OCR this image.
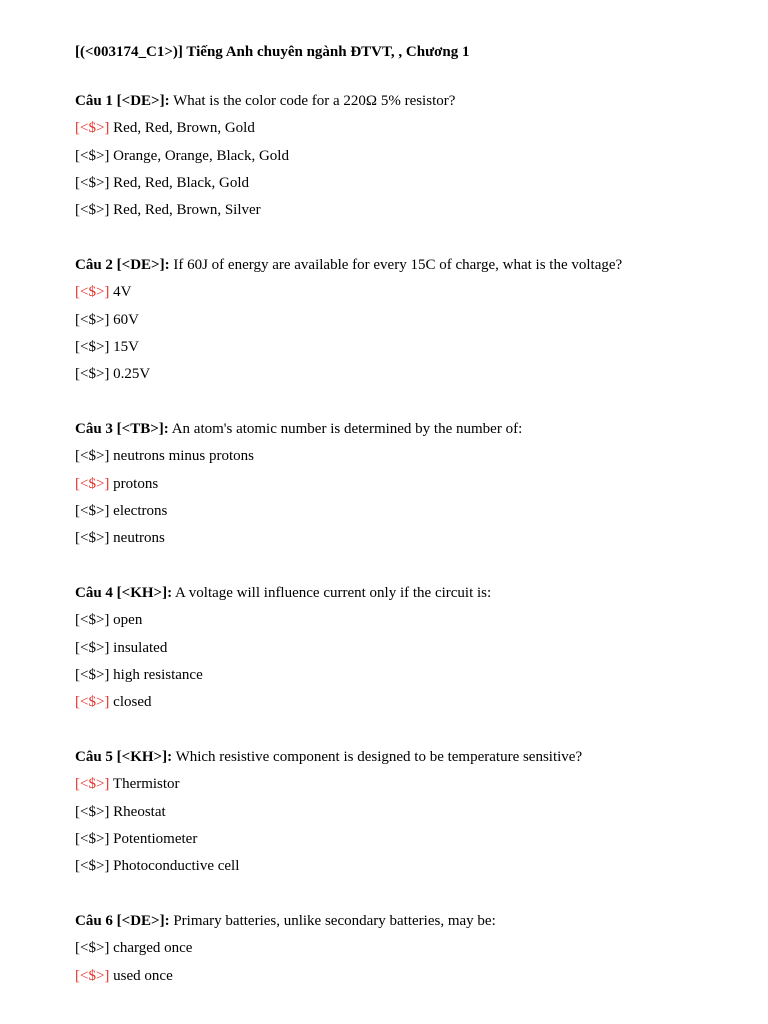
[(<003174_C1>)] Tiếng Anh chuyên ngành ĐTVT, , Chương 1
Câu 1 [<DE>]: What is the color code for a 220Ω 5% resistor?
[<$>] Red, Red, Brown, Gold
[<$>] Orange, Orange, Black, Gold
[<$>] Red, Red, Black, Gold
[<$>] Red, Red, Brown, Silver
Câu 2 [<DE>]: If 60J of energy are available for every 15C of charge, what is the voltage?
[<$>] 4V
[<$>] 60V
[<$>] 15V
[<$>] 0.25V
Câu 3 [<TB>]: An atom's atomic number is determined by the number of:
[<$>] neutrons minus protons
[<$>] protons
[<$>] electrons
[<$>] neutrons
Câu 4 [<KH>]: A voltage will influence current only if the circuit is:
[<$>] open
[<$>] insulated
[<$>] high resistance
[<$>] closed
Câu 5 [<KH>]: Which resistive component is designed to be temperature sensitive?
[<$>] Thermistor
[<$>] Rheostat
[<$>] Potentiometer
[<$>] Photoconductive cell
Câu 6 [<DE>]: Primary batteries, unlike secondary batteries, may be:
[<$>] charged once
[<$>] used once
